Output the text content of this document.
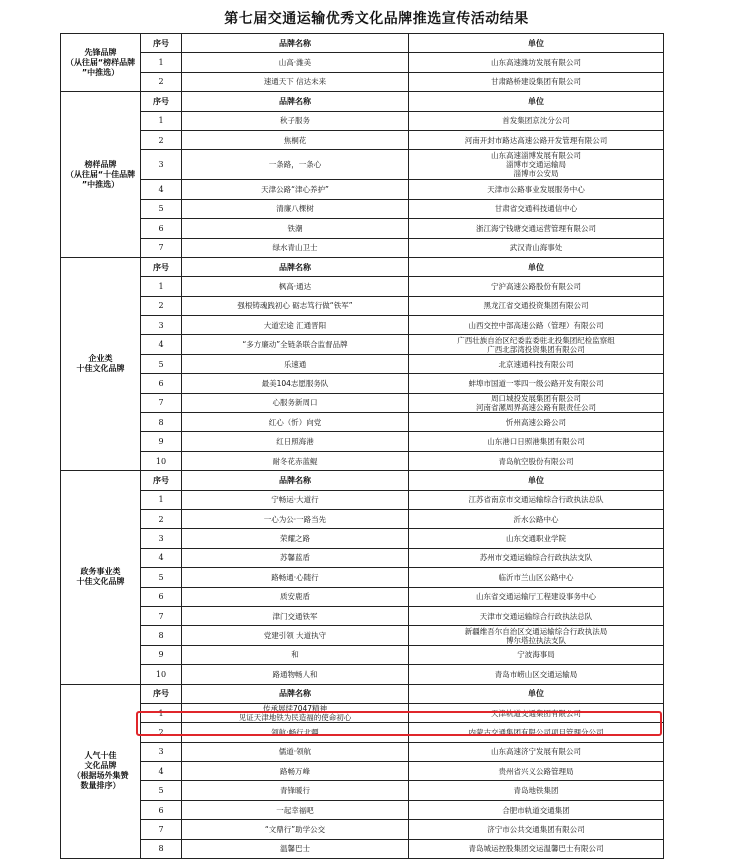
第七届交通运输优秀文化品牌推选宣传活动结果
先锋品牌
（从往届“榜样品牌
”中推选）	序号	品牌名称	单位
	1	山高·潍美	山东高速潍坊发展有限公司
	2	速通天下 信达未来	甘肃路桥建设集团有限公司
榜样品牌
（从往届“十佳品牌
”中推选）	序号	品牌名称	单位
	1	秋子服务	首发集团京沈分公司
	2	焦桐花	河南开封市路达高速公路开发管理有限公司
	3	一条路，一条心	山东高速淄博发展有限公司
淄博市交通运输局
淄博市公安局
	4	天津公路“津心养护”	天津市公路事业发展服务中心
	5	清廉八棵树	甘肃省交通科技通信中心
	6	铁潮	浙江海宁钱塘交通运营管理有限公司
	7	绿水青山卫士	武汉青山海事处
企业类
十佳文化品牌	序号	品牌名称	单位
	1	枫高·通达	宁沪高速公路股份有限公司
	2	强根铸魂践初心 砺志笃行做“铁军”	黑龙江省交通投资集团有限公司
	3	大道宏途 汇通晋阳	山西交控中部高速公路（管理）有限公司
	4	“多方廉动”全链条联合监督品牌	广西壮族自治区纪委监委驻北投集团纪检监察组
广西北部湾投资集团有限公司
	5	乐速通	北京速通科技有限公司
	6	最美104志愿服务队	蚌埠市国道一零四一级公路开发有限公司
	7	心服务新周口	周口城投发展集团有限公司
河南省漯周界高速公路有限责任公司
	8	红心（忻）向党	忻州高速公路公司
	9	红日照海港	山东港口日照港集团有限公司
	10	耐冬花赤蓝鲲	青岛航空股份有限公司
政务事业类
十佳文化品牌	序号	品牌名称	单位
	1	宁畅运·大道行	江苏省南京市交通运输综合行政执法总队
	2	一心为公·一路当先	沂水公路中心
	3	荣耀之路	山东交通职业学院
	4	苏馨蓝盾	苏州市交通运输综合行政执法支队
	5	路畅通·心随行	临沂市兰山区公路中心
	6	质安鹿盾	山东省交通运输厅工程建设事务中心
	7	津门交通铁军	天津市交通运输综合行政执法总队
	8	党建引领 大道执守	新疆维吾尔自治区交通运输综合行政执法局
博尔塔拉执法支队
	9	和	宁波海事局
	10	路通物畅人和	青岛市崂山区交通运输局
人气十佳
文化品牌
（根据场外集赞
数量排序）	序号	品牌名称	单位
	1	传承展续7047精神
见证天津地铁为民造福的使命初心	天津轨道交通集团有限公司
	2	领航·畅行北疆	内蒙古交通集团有限公司项目管理分公司
	3	儒道·领航	山东高速济宁发展有限公司
	4	路畅万峰	贵州省兴义公路管理局
	5	青锋暖行	青岛地铁集团
	6	一起幸福吧	合肥市轨道交通集团
	7	“文鼎行”助学公交	济宁市公共交通集团有限公司
	8	温馨巴士	青岛城运控股集团交运温馨巴士有限公司
